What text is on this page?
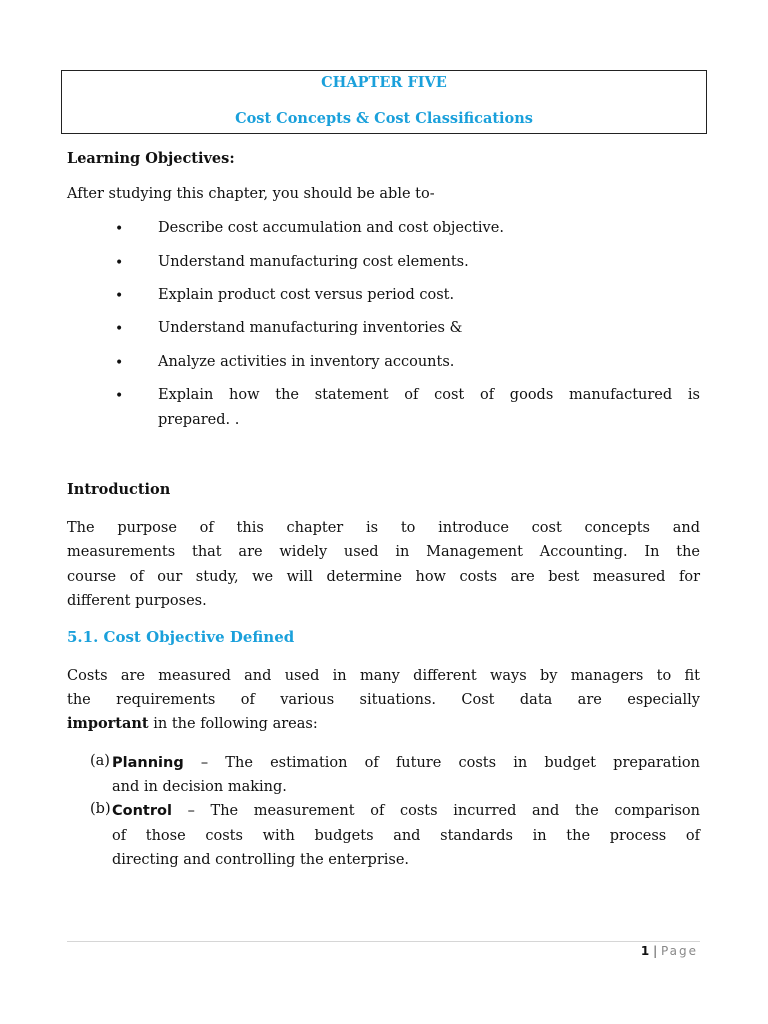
CHAPTER FIVE
Cost Concepts & Cost Classifications
Learning Objectives:
After studying this chapter, you should be able to-
• Describe cost accumulation and cost objective.
• Understand manufacturing cost elements.
• Explain product cost versus period cost.
• Understand manufacturing inventories &
• Analyze activities in inventory accounts.
• Explain how the statement of cost of goods manufactured is
prepared. .
Introduction
The purpose of this chapter is to introduce cost concepts and
measurements that are widely used in Management Accounting. In the
course of our study, we will determine how costs are best measured for
different purposes.
5.1. Cost Objective Defined
Costs are measured and used in many different ways by managers to fit
the requirements of various situations. Cost data are especially
important in the following areas:
(a) Planning – The estimation of future costs in budget preparation
and in decision making.
(b) Control – The measurement of costs incurred and the comparison
of those costs with budgets and standards in the process of
directing and controlling the enterprise.
1 | Page
